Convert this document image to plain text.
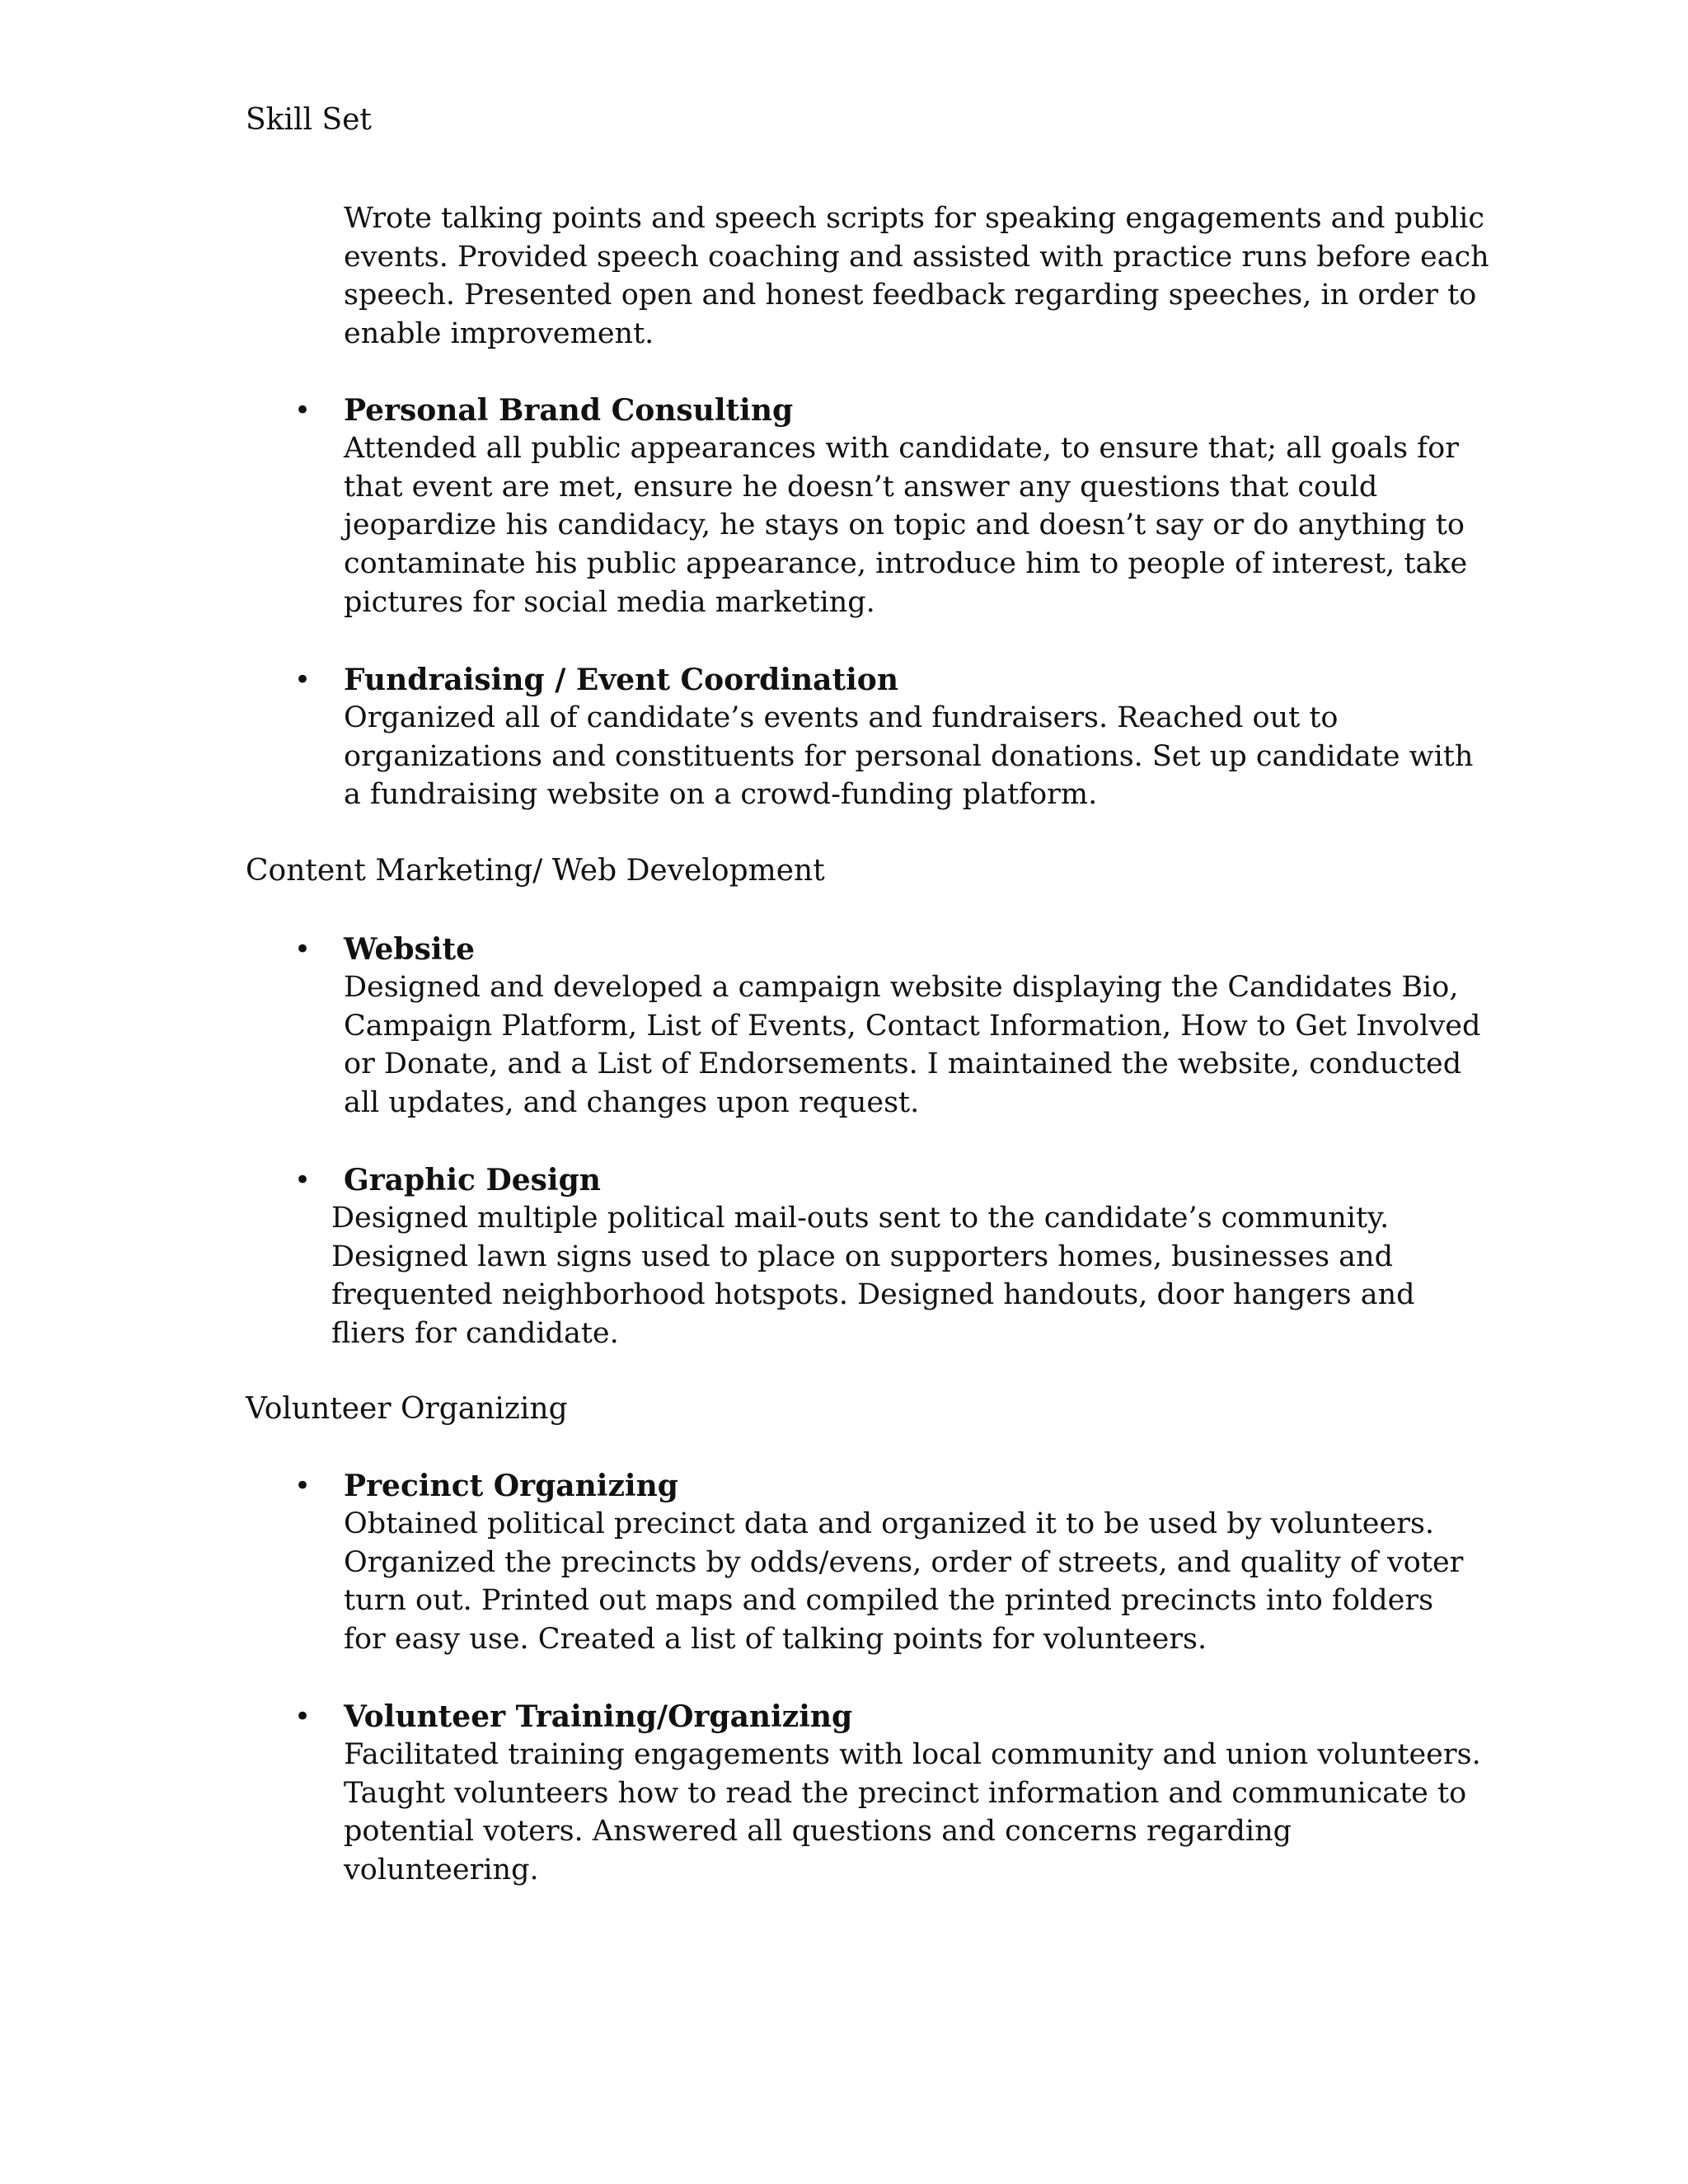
Skill Set
Wrote talking points and speech scripts for speaking engagements and public
events. Provided speech coaching and assisted with practice runs before each
speech. Presented open and honest feedback regarding speeches, in order to
enable improvement.
• Personal Brand Consulting
Attended all public appearances with candidate, to ensure that; all goals for
that event are met, ensure he doesn’t answer any questions that could
jeopardize his candidacy, he stays on topic and doesn’t say or do anything to
contaminate his public appearance, introduce him to people of interest, take
pictures for social media marketing.
• Fundraising / Event Coordination
Organized all of candidate’s events and fundraisers. Reached out to
organizations and constituents for personal donations. Set up candidate with
a fundraising website on a crowd-funding platform.
Content Marketing/ Web Development
• Website
Designed and developed a campaign website displaying the Candidates Bio,
Campaign Platform, List of Events, Contact Information, How to Get Involved
or Donate, and a List of Endorsements. I maintained the website, conducted
all updates, and changes upon request.
• Graphic Design
Designed multiple political mail-outs sent to the candidate’s community.
Designed lawn signs used to place on supporters homes, businesses and
frequented neighborhood hotspots. Designed handouts, door hangers and
fliers for candidate.
Volunteer Organizing
• Precinct Organizing
Obtained political precinct data and organized it to be used by volunteers.
Organized the precincts by odds/evens, order of streets, and quality of voter
turn out. Printed out maps and compiled the printed precincts into folders
for easy use. Created a list of talking points for volunteers.
• Volunteer Training/Organizing
Facilitated training engagements with local community and union volunteers.
Taught volunteers how to read the precinct information and communicate to
potential voters. Answered all questions and concerns regarding
volunteering.
